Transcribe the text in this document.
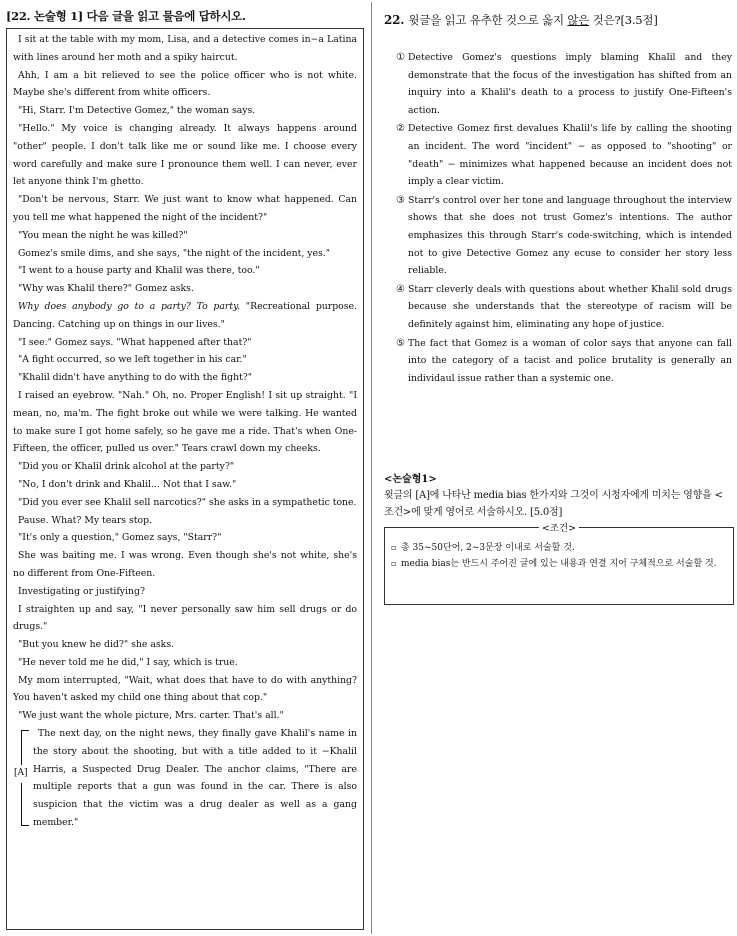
[22. 논술형 1] 다음 글을 읽고 물음에 답하시오.

I sit at the table with my mom, Lisa, and a detective comes in−a Latina with lines around her moth and a spiky haircut.

Ahh, I am a bit relieved to see the police officer who is not white. Maybe she's different from white officers.

"Hi, Starr. I'm Detective Gomez," the woman says.

"Hello." My voice is changing already. It always happens around "other" people. I don't talk like me or sound like me. I choose every word carefully and make sure I pronounce them well. I can never, ever let anyone think I'm ghetto.

"Don't be nervous, Starr. We just want to know what happened. Can you tell me what happened the night of the incident?"

"You mean the night he was killed?"

Gomez's smile dims, and she says, "the night of the incident, yes."

"I went to a house party and Khalil was there, too."

"Why was Khalil there?" Gomez asks.

Why does anybody go to a party? To party. "Recreational purpose. Dancing. Catching up on things in our lives."

"I see." Gomez says. "What happened after that?"

"A fight occurred, so we left together in his car."

"Khalil didn't have anything to do with the fight?"

I raised an eyebrow. "Nah." Oh, no. Proper English! I sit up straight. "I mean, no, ma'm. The fight broke out while we were talking. He wanted to make sure I got home safely, so he gave me a ride. That's when One-Fifteen, the officer, pulled us over." Tears crawl down my cheeks.

"Did you or Khalil drink alcohol at the party?"

"No, I don't drink and Khalil... Not that I saw."

"Did you ever see Khalil sell narcotics?" she asks in a sympathetic tone.

Pause. What? My tears stop.

"It's only a question," Gomez says, "Starr?"

She was baiting me. I was wrong. Even though she's not white, she's no different from One-Fifteen.

Investigating or justifying?

I straighten up and say, "I never personally saw him sell drugs or do drugs."

"But you knew he did?" she asks.

"He never told me he did," I say, which is true.

My mom interrupted, "Wait, what does that have to do with anything? You haven't asked my child one thing about that cop."

"We just want the whole picture, Mrs. carter. That's all."

[A]

The next day, on the night news, they finally gave Khalil's name in the story about the shooting, but with a title added to it −Khalil Harris, a Suspected Drug Dealer. The anchor claims, "There are multiple reports that a gun was found in the car. There is also suspicion that the victim was a drug dealer as well as a gang member."

22. 윗글을 읽고 유추한 것으로 옳지 않은 것은?[3.5점]
① Detective Gomez's questions imply blaming Khalil and they demonstrate that the focus of the investigation has shifted from an inquiry into a Khalil's death to a process to justify One-Fifteen's action.
② Detective Gomez first devalues Khalil's life by calling the shooting an incident. The word "incident" − as opposed to "shooting" or "death" − minimizes what happened because an incident does not imply a clear victim.
③ Starr's control over her tone and language throughout the interview shows that she does not trust Gomez's intentions. The author emphasizes this through Starr's code-switching, which is intended not to give Detective Gomez any ecuse to consider her story less reliable.
④ Starr cleverly deals with questions about whether Khalil sold drugs because she understands that the stereotype of racism will be definitely against him, eliminating any hope of justice.
⑤ The fact that Gomez is a woman of color says that anyone can fall into the category of a tacist and police brutality is generally an individaul issue rather than a systemic one.
<논술형1>
윗글의 [A]에 나타난 media bias 한가지와 그것이 시청자에게 미치는 영향을 <조건>에 맞게 영어로 서술하시오. [5.0점]
<조건>
▫ 총 35~50단어, 2~3문장 이내로 서술할 것.
▫ media bias는 반드시 주어진 글에 있는 내용과 연결 지어 구체적으로 서술할 것.
